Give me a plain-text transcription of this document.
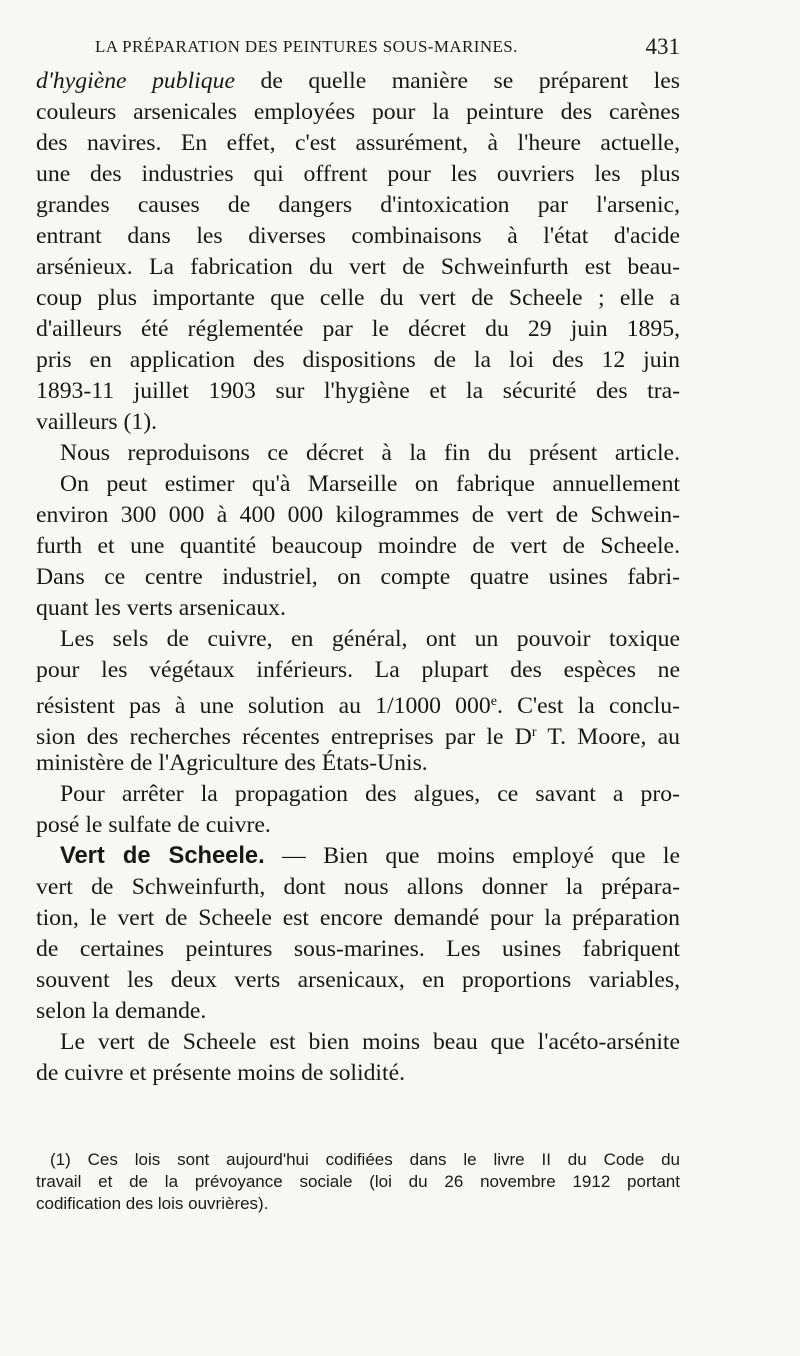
LA PRÉPARATION DES PEINTURES SOUS-MARINES.	431
d'hygiène publique de quelle manière se préparent les
couleurs arsenicales employées pour la peinture des carènes
des navires. En effet, c'est assurément, à l'heure actuelle,
une des industries qui offrent pour les ouvriers les plus
grandes causes de dangers d'intoxication par l'arsenic,
entrant dans les diverses combinaisons à l'état d'acide
arsénieux. La fabrication du vert de Schweinfurth est beau-
coup plus importante que celle du vert de Scheele ; elle a
d'ailleurs été réglementée par le décret du 29 juin 1895,
pris en application des dispositions de la loi des 12 juin
1893-11 juillet 1903 sur l'hygiène et la sécurité des tra-
vailleurs (1).
Nous reproduisons ce décret à la fin du présent article.
On peut estimer qu'à Marseille on fabrique annuellement
environ 300 000 à 400 000 kilogrammes de vert de Schwein-
furth et une quantité beaucoup moindre de vert de Scheele.
Dans ce centre industriel, on compte quatre usines fabri-
quant les verts arsenicaux.
Les sels de cuivre, en général, ont un pouvoir toxique
pour les végétaux inférieurs. La plupart des espèces ne
résistent pas à une solution au 1/1000 000e. C'est la conclu-
sion des recherches récentes entreprises par le $D^r$ T. Moore, au
ministère de l'Agriculture des États-Unis.
Pour arrêter la propagation des algues, ce savant a pro-
posé le sulfate de cuivre.
Vert de Scheele. — Bien que moins employé que le
vert de Schweinfurth, dont nous allons donner la prépara-
tion, le vert de Scheele est encore demandé pour la préparation
de certaines peintures sous-marines. Les usines fabriquent
souvent les deux verts arsenicaux, en proportions variables,
selon la demande.
Le vert de Scheele est bien moins beau que l'acéto-arsénite
de cuivre et présente moins de solidité.
(1) Ces lois sont aujourd'hui codifiées dans le livre II du Code du
travail et de la prévoyance sociale (loi du 26 novembre 1912 portant
codification des lois ouvrières).
